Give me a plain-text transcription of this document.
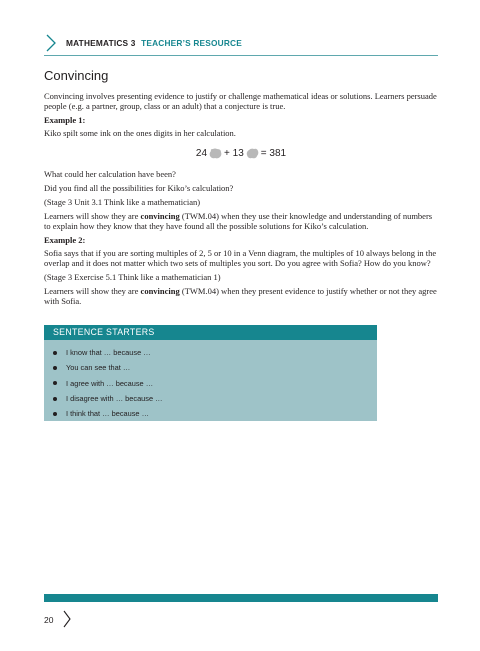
MATHEMATICS 3 TEACHER’S RESOURCE
Convincing

Convincing involves presenting evidence to justify or challenge mathematical ideas or solutions. Learners persuade people (e.g. a partner, group, class or an adult) that a conjecture is true.

Example 1:

Kiko spilt some ink on the ones digits in her calculation.

24 + 13 = 381

What could her calculation have been?

Did you find all the possibilities for Kiko’s calculation?

(Stage 3 Unit 3.1 Think like a mathematician)

Learners will show they are convincing (TWM.04) when they use their knowledge and understanding of numbers to explain how they know that they have found all the possible solutions for Kiko’s calculation.

Example 2:

Sofia says that if you are sorting multiples of 2, 5 or 10 in a Venn diagram, the multiples of 10 always belong in the overlap and it does not matter which two sets of multiples you sort. Do you agree with Sofia? How do you know?

(Stage 3 Exercise 5.1 Think like a mathematician 1)

Learners will show they are convincing (TWM.04) when they present evidence to justify whether or not they agree with Sofia.

SENTENCE STARTERS
I know that … because …
You can see that …
I agree with … because …
I disagree with … because …
I think that … because …
20
